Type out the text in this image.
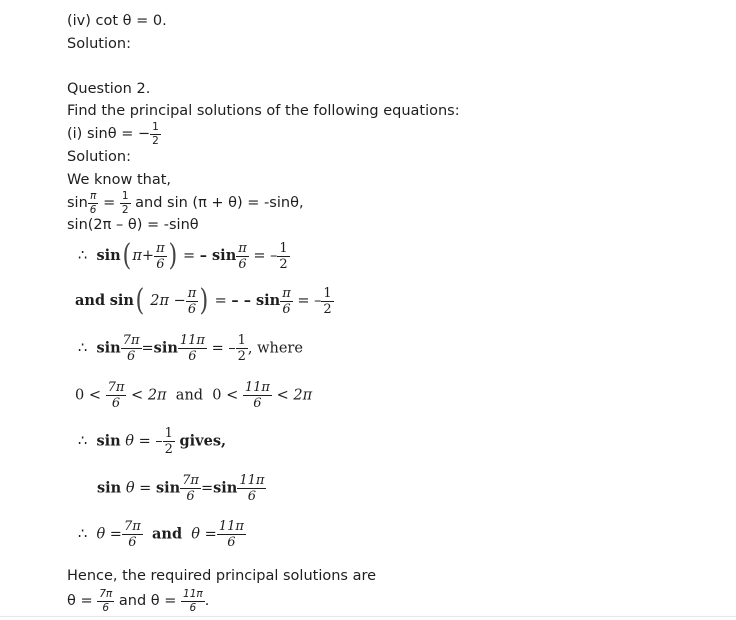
(iv) cot θ = 0.
Solution:
Question 2.
Find the principal solutions of the following equations:
(i) sinθ = − $\frac{1}{2}$
Solution:
We know that,
$\sin \frac{\pi}{6} = \frac{1}{2}$ and sin (π + θ) = -sinθ,
sin(2π – θ) = -sinθ
∴ $\sin(\pi+ \frac{\pi}{6}$ ) = – $\sin \frac{\pi}{6}$ = – $\frac{1}{2}$
and sin( $2\pi - \frac{\pi}{6}$ ) = – – $\sin \frac{\pi}{6}$ = – $\frac{1}{2}$
∴ $\sin \frac{7\pi}{6} =\sin \frac{11\pi}{6}$ = – $\frac{1}{2}$ , where
$0 < \frac{7\pi}{6} < 2\pi$ and $0 < \frac{11\pi}{6} < 2\pi$
∴ sin θ = – $\frac{1}{2}$ gives,
$\sin \theta = \sin \frac{7\pi}{6} =\sin \frac{11\pi}{6}$
∴ $\theta = \frac{7\pi}{6}$ and $\theta = \frac{11\pi}{6}$
Hence, the required principal solutions are
$\theta = \frac{7\pi}{6}$ and $\theta = \frac{11\pi}{6}$ .
